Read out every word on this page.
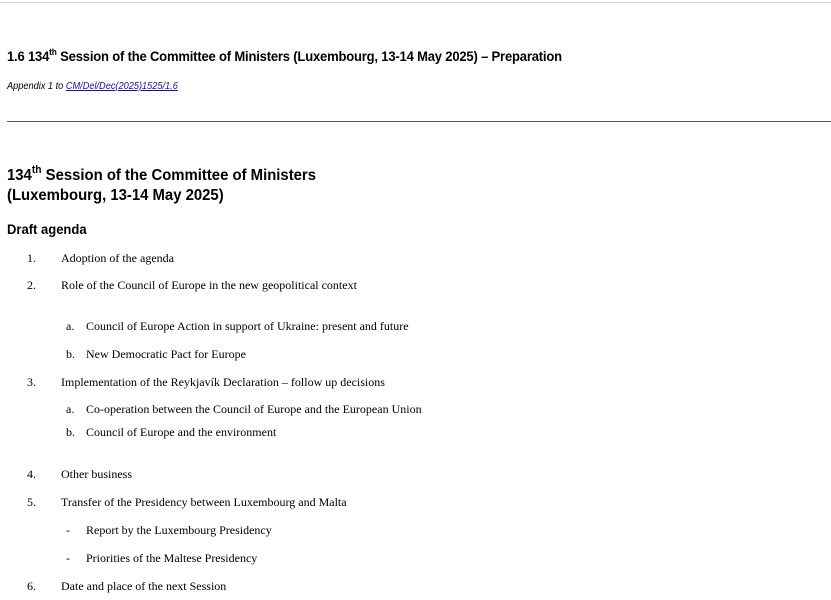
1.6 134th Session of the Committee of Ministers (Luxembourg, 13-14 May 2025) – Preparation
Appendix 1 to CM/Del/Dec(2025)1525/1.6
134th Session of the Committee of Ministers
(Luxembourg, 13-14 May 2025)
Draft agenda
1. Adoption of the agenda
2. Role of the Council of Europe in the new geopolitical context
a. Council of Europe Action in support of Ukraine: present and future
b. New Democratic Pact for Europe
3. Implementation of the Reykjavík Declaration – follow up decisions
a. Co-operation between the Council of Europe and the European Union
b. Council of Europe and the environment
4. Other business
5. Transfer of the Presidency between Luxembourg and Malta
- Report by the Luxembourg Presidency
- Priorities of the Maltese Presidency
6. Date and place of the next Session
